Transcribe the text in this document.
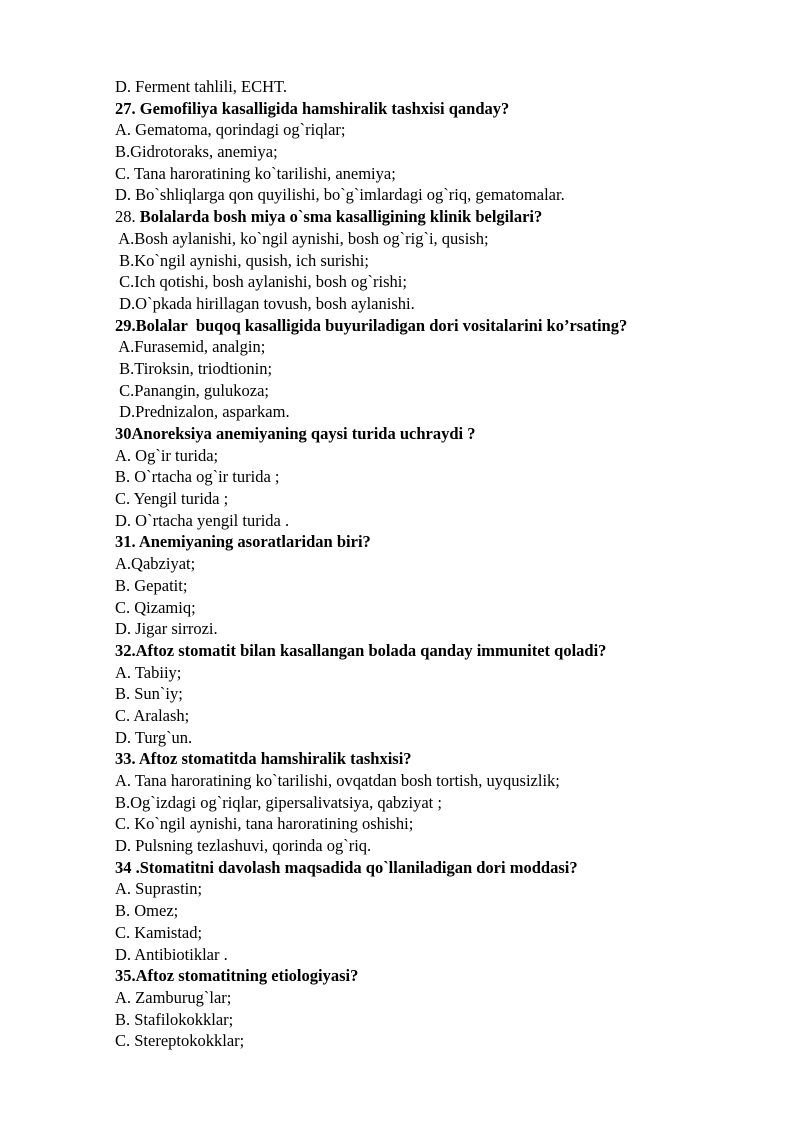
D. Ferment tahlili, ECHT.
27. Gemofiliya kasalligida hamshiralik tashxisi qanday?
A. Gematoma, qorindagi og`riqlar;
B.Gidrotoraks, anemiya;
C. Tana haroratining ko`tarilishi, anemiya;
D. Bo`shliqlarga qon quyilishi, bo`g`imlardagi og`riq, gematomalar.
28. Bolalarda bosh miya o`sma kasalligining klinik belgilari?
A.Bosh aylanishi, ko`ngil aynishi, bosh og`rig`i, qusish;
B.Ko`ngil aynishi, qusish, ich surishi;
C.Ich qotishi, bosh aylanishi, bosh og`rishi;
D.O`pkada hirillagan tovush, bosh aylanishi.
29.Bolalar  buqoq kasalligida buyuriladigan dori vositalarini ko’rsating?
A.Furasemid, analgin;
B.Tiroksin, triodtionin;
C.Panangin, gulukoza;
D.Prednizalon, asparkam.
30Anoreksiya anemiyaning qaysi turida uchraydi ?
A. Og`ir turida;
B. O`rtacha og`ir turida ;
C. Yengil turida ;
D. O`rtacha yengil turida .
31. Anemiyaning asoratlaridan biri?
A.Qabziyat;
B. Gepatit;
C. Qizamiq;
D. Jigar sirrozi.
32.Aftoz stomatit bilan kasallangan bolada qanday immunitet qoladi?
A. Tabiiy;
B. Sun`iy;
C. Aralash;
D. Turg`un.
33. Aftoz stomatitda hamshiralik tashxisi?
A. Tana haroratining ko`tarilishi, ovqatdan bosh tortish, uyqusizlik;
B.Og`izdagi og`riqlar, gipersalivatsiya, qabziyat ;
C. Ko`ngil aynishi, tana haroratining oshishi;
D. Pulsning tezlashuvi, qorinda og`riq.
34 .Stomatitni davolash maqsadida qo`llaniladigan dori moddasi?
A. Suprastin;
B. Omez;
C. Kamistad;
D. Antibiotiklar .
35.Aftoz stomatitning etiologiyasi?
A. Zamburug`lar;
B. Stafilokokklar;
C. Stereptokokklar;
